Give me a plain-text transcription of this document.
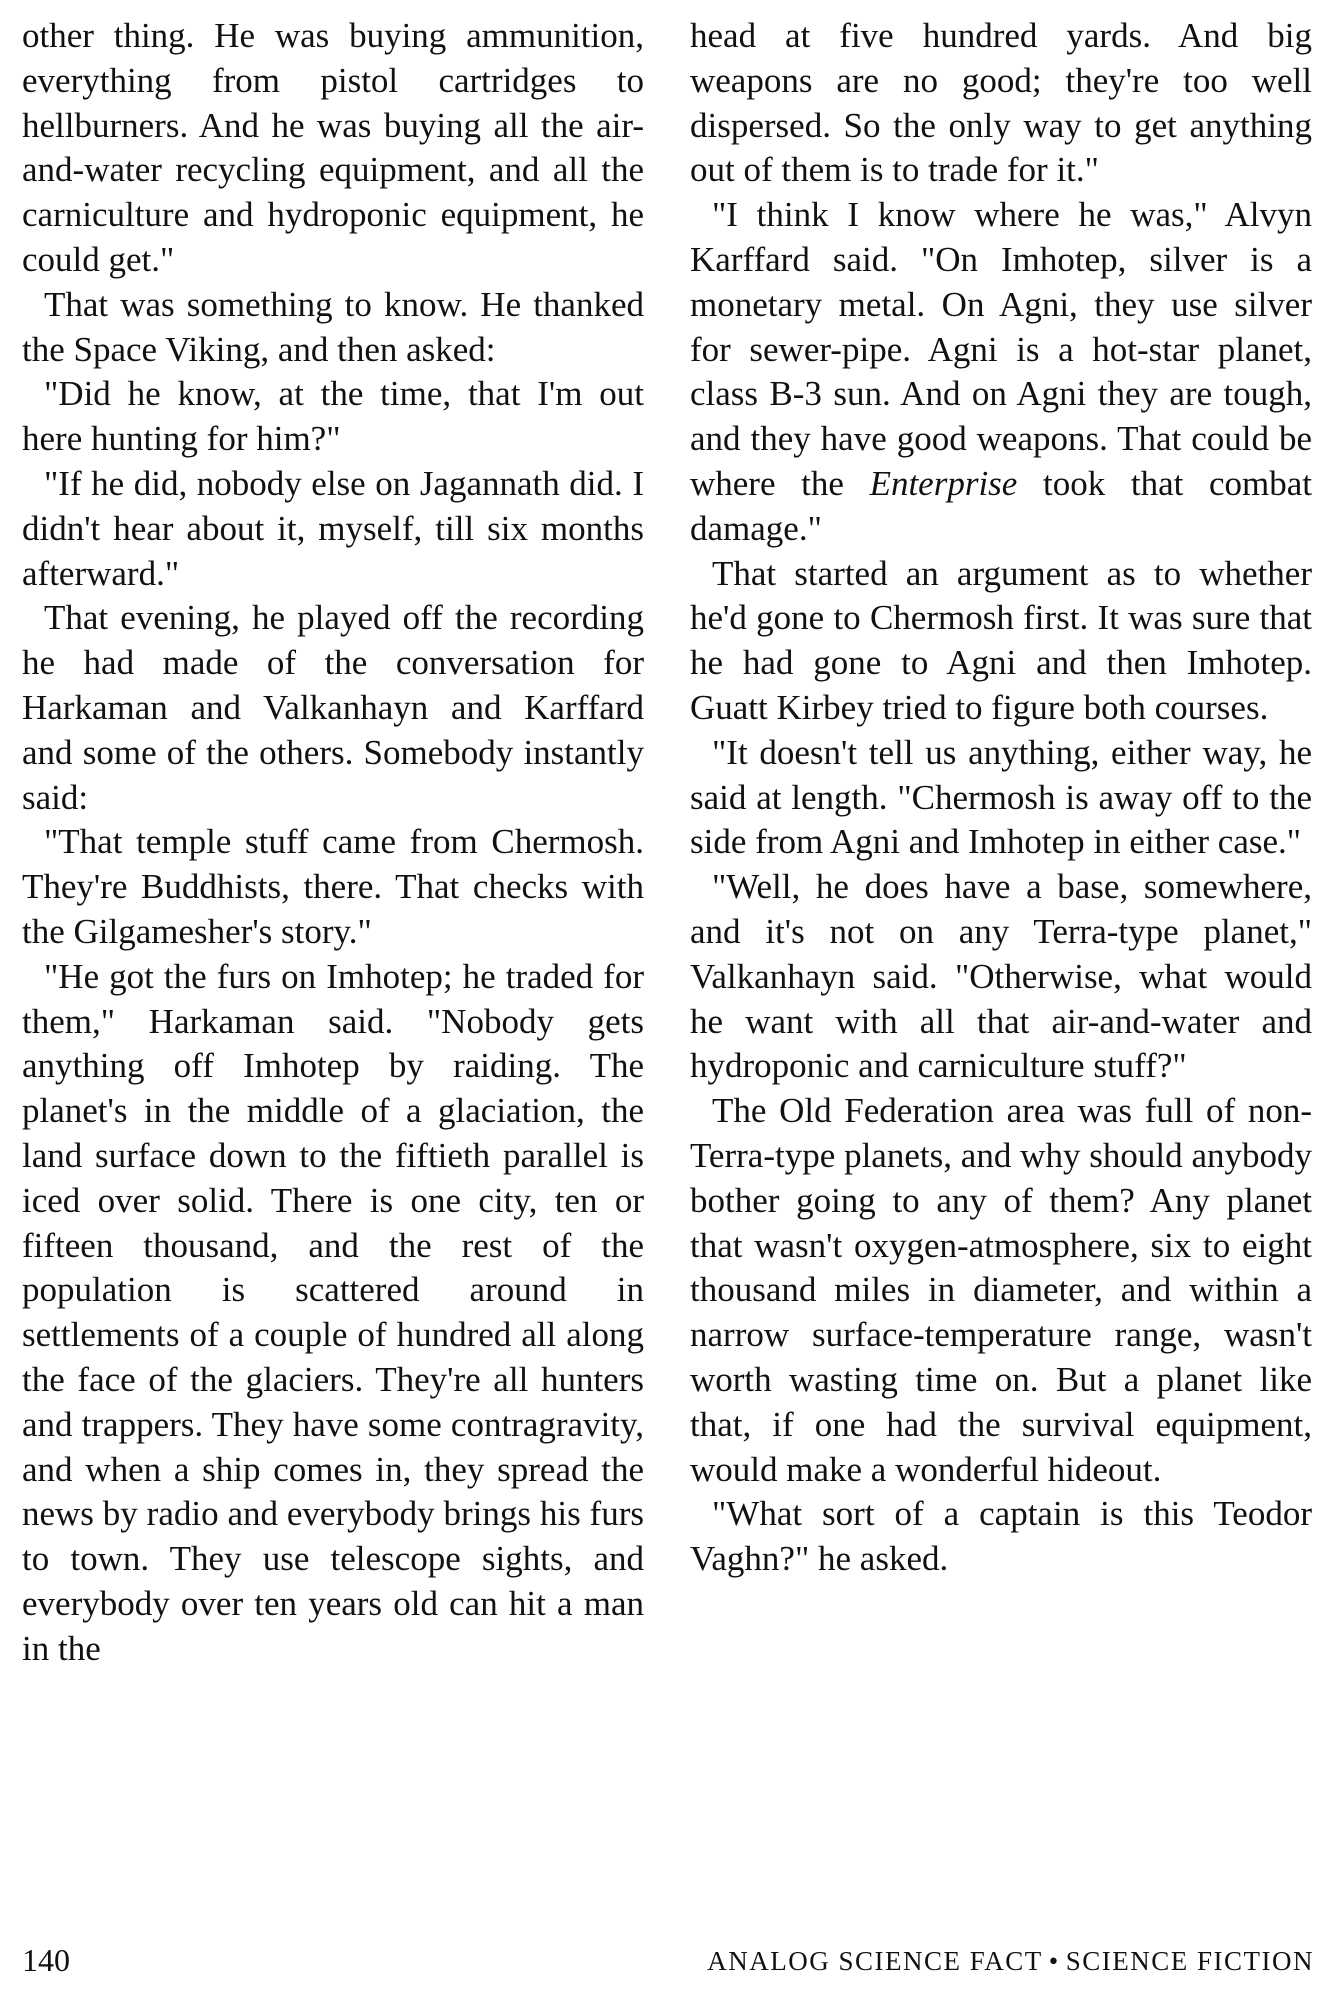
other thing. He was buying ammunition, everything from pistol cartridges to hellburners. And he was buying all the air-and-water recycling equipment, and all the carniculture and hydroponic equipment, he could get."

That was something to know. He thanked the Space Viking, and then asked:

"Did he know, at the time, that I'm out here hunting for him?"

"If he did, nobody else on Jagannath did. I didn't hear about it, myself, till six months afterward."

That evening, he played off the recording he had made of the conversation for Harkaman and Valkanhayn and Karffard and some of the others. Somebody instantly said:

"That temple stuff came from Chermosh. They're Buddhists, there. That checks with the Gilgamesher's story."

"He got the furs on Imhotep; he traded for them," Harkaman said. "Nobody gets anything off Imhotep by raiding. The planet's in the middle of a glaciation, the land surface down to the fiftieth parallel is iced over solid. There is one city, ten or fifteen thousand, and the rest of the population is scattered around in settlements of a couple of hundred all along the face of the glaciers. They're all hunters and trappers. They have some contragravity, and when a ship comes in, they spread the news by radio and everybody brings his furs to town. They use telescope sights, and everybody over ten years old can hit a man in the

head at five hundred yards. And big weapons are no good; they're too well dispersed. So the only way to get anything out of them is to trade for it."

"I think I know where he was," Alvyn Karffard said. "On Imhotep, silver is a monetary metal. On Agni, they use silver for sewer-pipe. Agni is a hot-star planet, class B-3 sun. And on Agni they are tough, and they have good weapons. That could be where the Enterprise took that combat damage."

That started an argument as to whether he'd gone to Chermosh first. It was sure that he had gone to Agni and then Imhotep. Guatt Kirbey tried to figure both courses.

"It doesn't tell us anything, either way, he said at length. "Chermosh is away off to the side from Agni and Imhotep in either case."

"Well, he does have a base, somewhere, and it's not on any Terra-type planet," Valkanhayn said. "Otherwise, what would he want with all that air-and-water and hydroponic and carniculture stuff?"

The Old Federation area was full of non-Terra-type planets, and why should anybody bother going to any of them? Any planet that wasn't oxygen-atmosphere, six to eight thousand miles in diameter, and within a narrow surface-temperature range, wasn't worth wasting time on. But a planet like that, if one had the survival equipment, would make a wonderful hideout.

"What sort of a captain is this Teodor Vaghn?" he asked.

140	ANALOG SCIENCE FACT • SCIENCE FICTION
